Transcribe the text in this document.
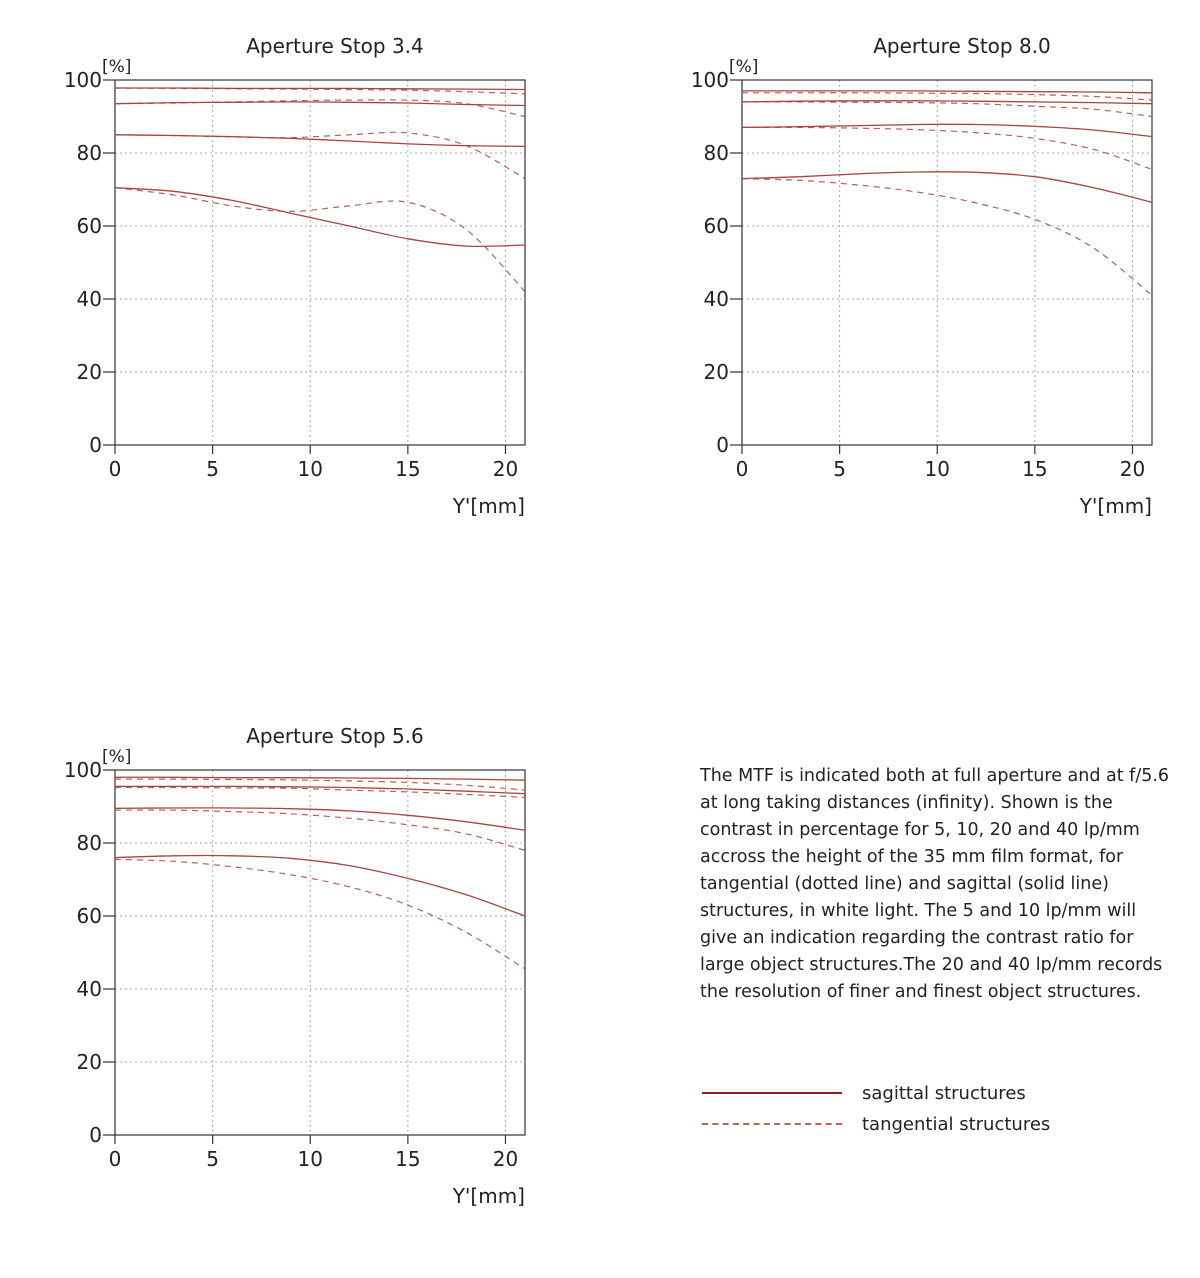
0
20
40
60
80
100
0	5	10	15	20
Aperture Stop 3.4
[%]
Y'[mm]
0
20
40
60
80
100
0	5	10	15	20
Aperture Stop 8.0
[%]
Y'[mm]
0
20
40
60
80
100
0	5	10	15	20
Aperture Stop 5.6
[%]
Y'[mm]

The MTF is indicated both at full aperture and at f/5.6 at long taking distances (infinity). Shown is the contrast in percentage for 5, 10, 20 and 40 lp/mm accross the height of the 35 mm film format, for tangential (dotted line) and sagittal (solid line) structures, in white light. The 5 and 10 lp/mm will give an indication regarding the contrast ratio for large object structures.The 20 and 40 lp/mm records the resolution of finer and finest object structures.

sagittal structures
tangential structures
